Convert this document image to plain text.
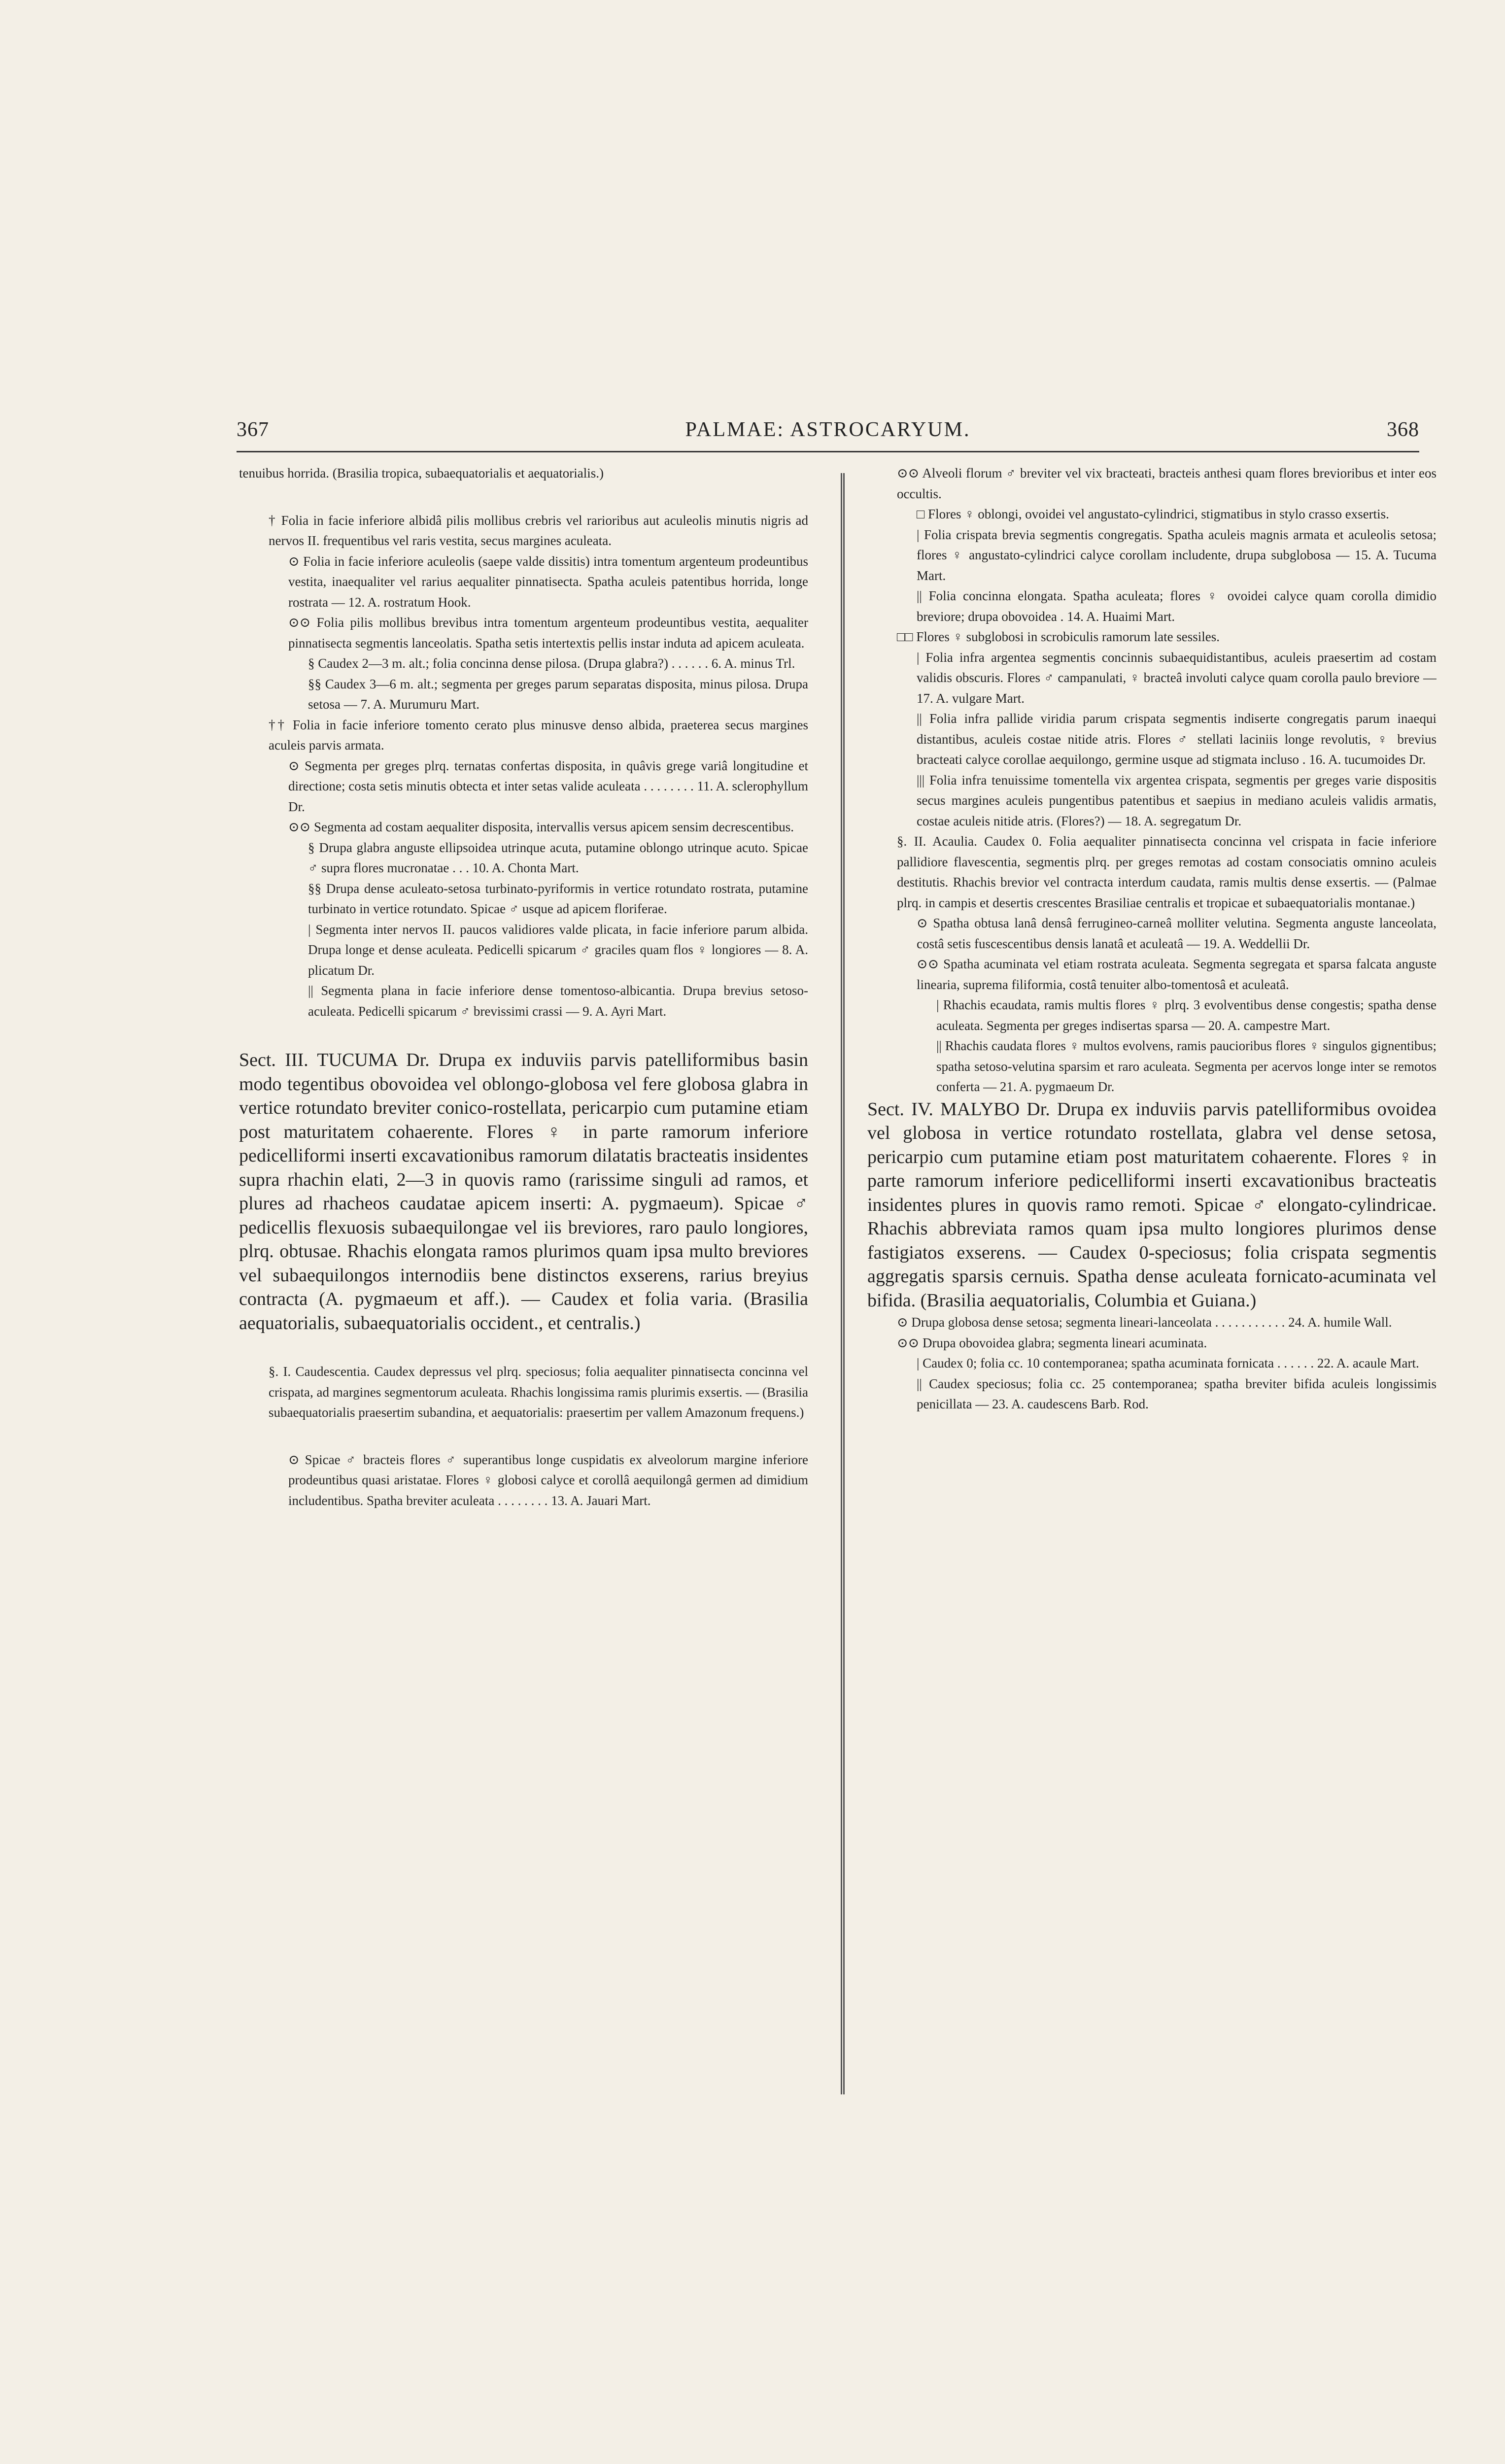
367	PALMAE: ASTROCARYUM.	368

tenuibus horrida. (Brasilia tropica, subaequatorialis et aequatorialis.)

† Folia in facie inferiore albidâ pilis mollibus crebris vel rarioribus aut aculeolis minutis nigris ad nervos II. frequentibus vel raris vestita, secus margines aculeata.

⊙ Folia in facie inferiore aculeolis (saepe valde dissitis) intra tomentum argenteum prodeuntibus vestita, inaequaliter vel rarius aequaliter pinnatisecta. Spatha aculeis patentibus horrida, longe rostrata — 12. A. rostratum Hook.

⊙⊙ Folia pilis mollibus brevibus intra tomentum argenteum prodeuntibus vestita, aequaliter pinnatisecta segmentis lanceolatis. Spatha setis intertextis pellis instar induta ad apicem aculeata.

§ Caudex 2—3 m. alt.; folia concinna dense pilosa. (Drupa glabra?) . . . . . . 6. A. minus Trl.

§§ Caudex 3—6 m. alt.; segmenta per greges parum separatas disposita, minus pilosa. Drupa setosa — 7. A. Murumuru Mart.

†† Folia in facie inferiore tomento cerato plus minusve denso albida, praeterea secus margines aculeis parvis armata.

⊙ Segmenta per greges plrq. ternatas confertas disposita, in quâvis grege variâ longitudine et directione; costa setis minutis obtecta et inter setas valide aculeata . . . . . . . . 11. A. sclerophyllum Dr.

⊙⊙ Segmenta ad costam aequaliter disposita, intervallis versus apicem sensim decrescentibus.

§ Drupa glabra anguste ellipsoidea utrinque acuta, putamine oblongo utrinque acuto. Spicae ♂ supra flores mucronatae . . . 10. A. Chonta Mart.

§§ Drupa dense aculeato-setosa turbinato-pyriformis in vertice rotundato rostrata, putamine turbinato in vertice rotundato. Spicae ♂ usque ad apicem floriferae.

| Segmenta inter nervos II. paucos validiores valde plicata, in facie inferiore parum albida. Drupa longe et dense aculeata. Pedicelli spicarum ♂ graciles quam flos ♀ longiores — 8. A. plicatum Dr.

|| Segmenta plana in facie inferiore dense tomentoso-albicantia. Drupa brevius setoso-aculeata. Pedicelli spicarum ♂ brevissimi crassi — 9. A. Ayri Mart.

Sect. III. TUCUMA Dr. Drupa ex induviis parvis patelliformibus basin modo tegentibus obovoidea vel oblongo-globosa vel fere globosa glabra in vertice rotundato breviter conico-rostellata, pericarpio cum putamine etiam post maturitatem cohaerente. Flores ♀ in parte ramorum inferiore pedicelliformi inserti excavationibus ramorum dilatatis bracteatis insidentes supra rhachin elati, 2—3 in quovis ramo (rarissime singuli ad ramos, et plures ad rhacheos caudatae apicem inserti: A. pygmaeum). Spicae ♂ pedicellis flexuosis subaequilongae vel iis breviores, raro paulo longiores, plrq. obtusae. Rhachis elongata ramos plurimos quam ipsa multo breviores vel subaequilongos internodiis bene distinctos exserens, rarius breyius contracta (A. pygmaeum et aff.). — Caudex et folia varia. (Brasilia aequatorialis, subaequatorialis occident., et centralis.)

§. I. Caudescentia. Caudex depressus vel plrq. speciosus; folia aequaliter pinnatisecta concinna vel crispata, ad margines segmentorum aculeata. Rhachis longissima ramis plurimis exsertis. — (Brasilia subaequatorialis praesertim subandina, et aequatorialis: praesertim per vallem Amazonum frequens.)

⊙ Spicae ♂ bracteis flores ♂ superantibus longe cuspidatis ex alveolorum margine inferiore prodeuntibus quasi aristatae. Flores ♀ globosi calyce et corollâ aequilongâ germen ad dimidium includentibus. Spatha breviter aculeata . . . . . . . . 13. A. Jauari Mart.

⊙⊙ Alveoli florum ♂ breviter vel vix bracteati, bracteis anthesi quam flores brevioribus et inter eos occultis.

□ Flores ♀ oblongi, ovoidei vel angustato-cylindrici, stigmatibus in stylo crasso exsertis.

| Folia crispata brevia segmentis congregatis. Spatha aculeis magnis armata et aculeolis setosa; flores ♀ angustato-cylindrici calyce corollam includente, drupa subglobosa — 15. A. Tucuma Mart.

|| Folia concinna elongata. Spatha aculeata; flores ♀ ovoidei calyce quam corolla dimidio breviore; drupa obovoidea . 14. A. Huaimi Mart.

□□ Flores ♀ subglobosi in scrobiculis ramorum late sessiles.

| Folia infra argentea segmentis concinnis subaequidistantibus, aculeis praesertim ad costam validis obscuris. Flores ♂ campanulati, ♀ bracteâ involuti calyce quam corolla paulo breviore — 17. A. vulgare Mart.

|| Folia infra pallide viridia parum crispata segmentis indiserte congregatis parum inaequi distantibus, aculeis costae nitide atris. Flores ♂ stellati laciniis longe revolutis, ♀ brevius bracteati calyce corollae aequilongo, germine usque ad stigmata incluso . 16. A. tucumoides Dr.

||| Folia infra tenuissime tomentella vix argentea crispata, segmentis per greges varie dispositis secus margines aculeis pungentibus patentibus et saepius in mediano aculeis validis armatis, costae aculeis nitide atris. (Flores?) — 18. A. segregatum Dr.

§. II. Acaulia. Caudex 0. Folia aequaliter pinnatisecta concinna vel crispata in facie inferiore pallidiore flavescentia, segmentis plrq. per greges remotas ad costam consociatis omnino aculeis destitutis. Rhachis brevior vel contracta interdum caudata, ramis multis dense exsertis. — (Palmae plrq. in campis et desertis crescentes Brasiliae centralis et tropicae et subaequatorialis montanae.)

⊙ Spatha obtusa lanâ densâ ferrugineo-carneâ molliter velutina. Segmenta anguste lanceolata, costâ setis fuscescentibus densis lanatâ et aculeatâ — 19. A. Weddellii Dr.

⊙⊙ Spatha acuminata vel etiam rostrata aculeata. Segmenta segregata et sparsa falcata anguste linearia, suprema filiformia, costâ tenuiter albo-tomentosâ et aculeatâ.

| Rhachis ecaudata, ramis multis flores ♀ plrq. 3 evolventibus dense congestis; spatha dense aculeata. Segmenta per greges indisertas sparsa — 20. A. campestre Mart.

|| Rhachis caudata flores ♀ multos evolvens, ramis paucioribus flores ♀ singulos gignentibus; spatha setoso-velutina sparsim et raro aculeata. Segmenta per acervos longe inter se remotos conferta — 21. A. pygmaeum Dr.

Sect. IV. MALYBO Dr. Drupa ex induviis parvis patelliformibus ovoidea vel globosa in vertice rotundato rostellata, glabra vel dense setosa, pericarpio cum putamine etiam post maturitatem cohaerente. Flores ♀ in parte ramorum inferiore pedicelliformi inserti excavationibus bracteatis insidentes plures in quovis ramo remoti. Spicae ♂ elongato-cylindricae. Rhachis abbreviata ramos quam ipsa multo longiores plurimos dense fastigiatos exserens. — Caudex 0-speciosus; folia crispata segmentis aggregatis sparsis cernuis. Spatha dense aculeata fornicato-acuminata vel bifida. (Brasilia aequatorialis, Columbia et Guiana.)

⊙ Drupa globosa dense setosa; segmenta lineari-lanceolata . . . . . . . . . . . 24. A. humile Wall.

⊙⊙ Drupa obovoidea glabra; segmenta lineari acuminata.

| Caudex 0; folia cc. 10 contemporanea; spatha acuminata fornicata . . . . . . 22. A. acaule Mart.

|| Caudex speciosus; folia cc. 25 contemporanea; spatha breviter bifida aculeis longissimis penicillata — 23. A. caudescens Barb. Rod.
